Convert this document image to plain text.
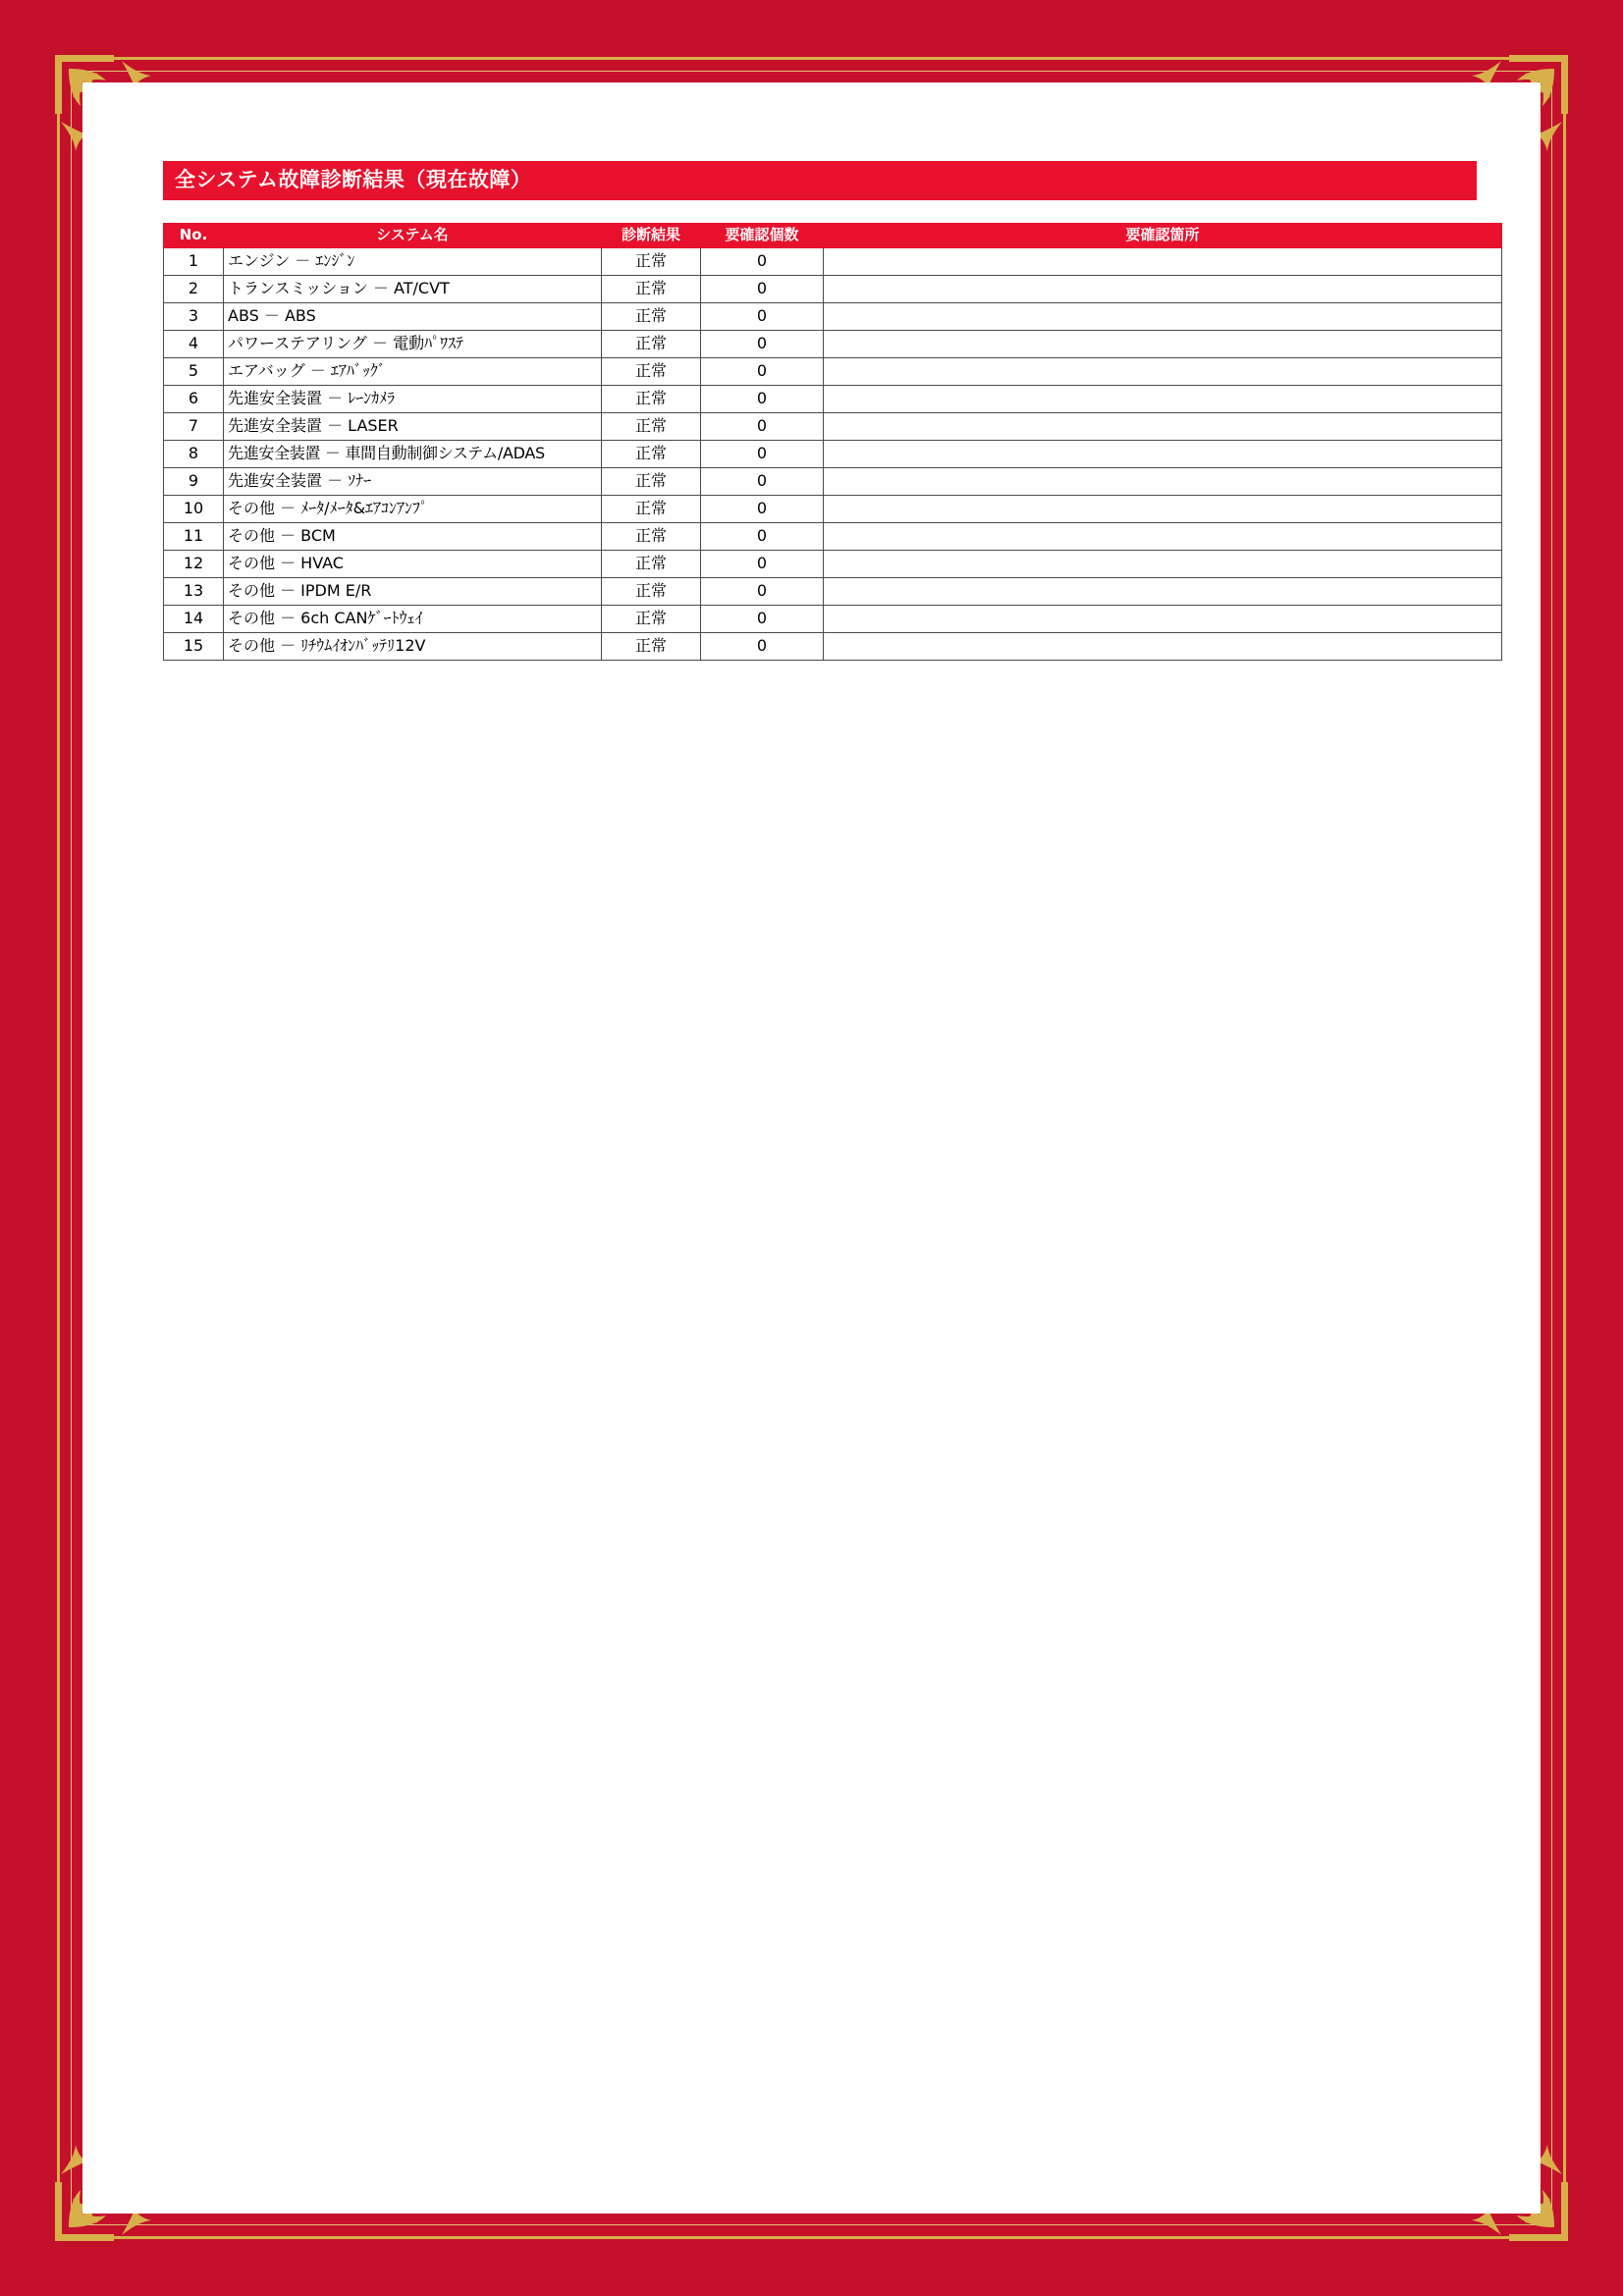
全システム故障診断結果（現在故障）
No.	システム名	診断結果	要確認個数	要確認箇所
1	エンジン － ｴﾝｼﾞﾝ	正常	0	
2	トランスミッション － AT/CVT	正常	0	
3	ABS － ABS	正常	0	
4	パワーステアリング － 電動ﾊﾟﾜｽﾃ	正常	0	
5	エアバッグ － ｴｱﾊﾞｯｸﾞ	正常	0	
6	先進安全装置 － ﾚｰﾝｶﾒﾗ	正常	0	
7	先進安全装置 － LASER	正常	0	
8	先進安全装置 － 車間自動制御システム/ADAS	正常	0	
9	先進安全装置 － ｿﾅｰ	正常	0	
10	その他 － ﾒｰﾀ/ﾒｰﾀ&ｴｱｺﾝｱﾝﾌﾟ	正常	0	
11	その他 － BCM	正常	0	
12	その他 － HVAC	正常	0	
13	その他 － IPDM E/R	正常	0	
14	その他 － 6ch CANｹﾞｰﾄｳｪｲ	正常	0	
15	その他 － ﾘﾁｳﾑｲｵﾝﾊﾞｯﾃﾘ12V	正常	0	
